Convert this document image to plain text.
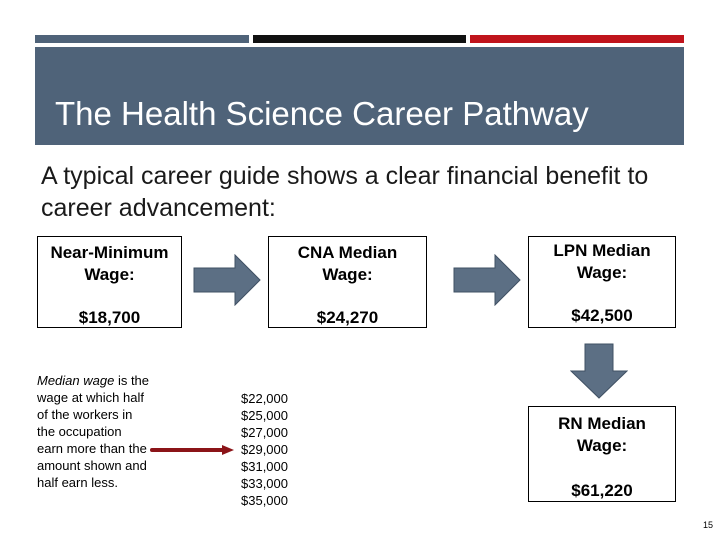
The Health Science Career Pathway
A typical career guide shows a clear financial benefit to career advancement:
Near-Minimum Wage:
$18,700
CNA Median Wage:
$24,270
LPN Median Wage:
$42,500
RN Median Wage:
$61,220
Median wage is the wage at which half of the workers in the occupation earn more than the amount shown and half earn less.
$22,000
$25,000
$27,000
$29,000
$31,000
$33,000
$35,000
15
